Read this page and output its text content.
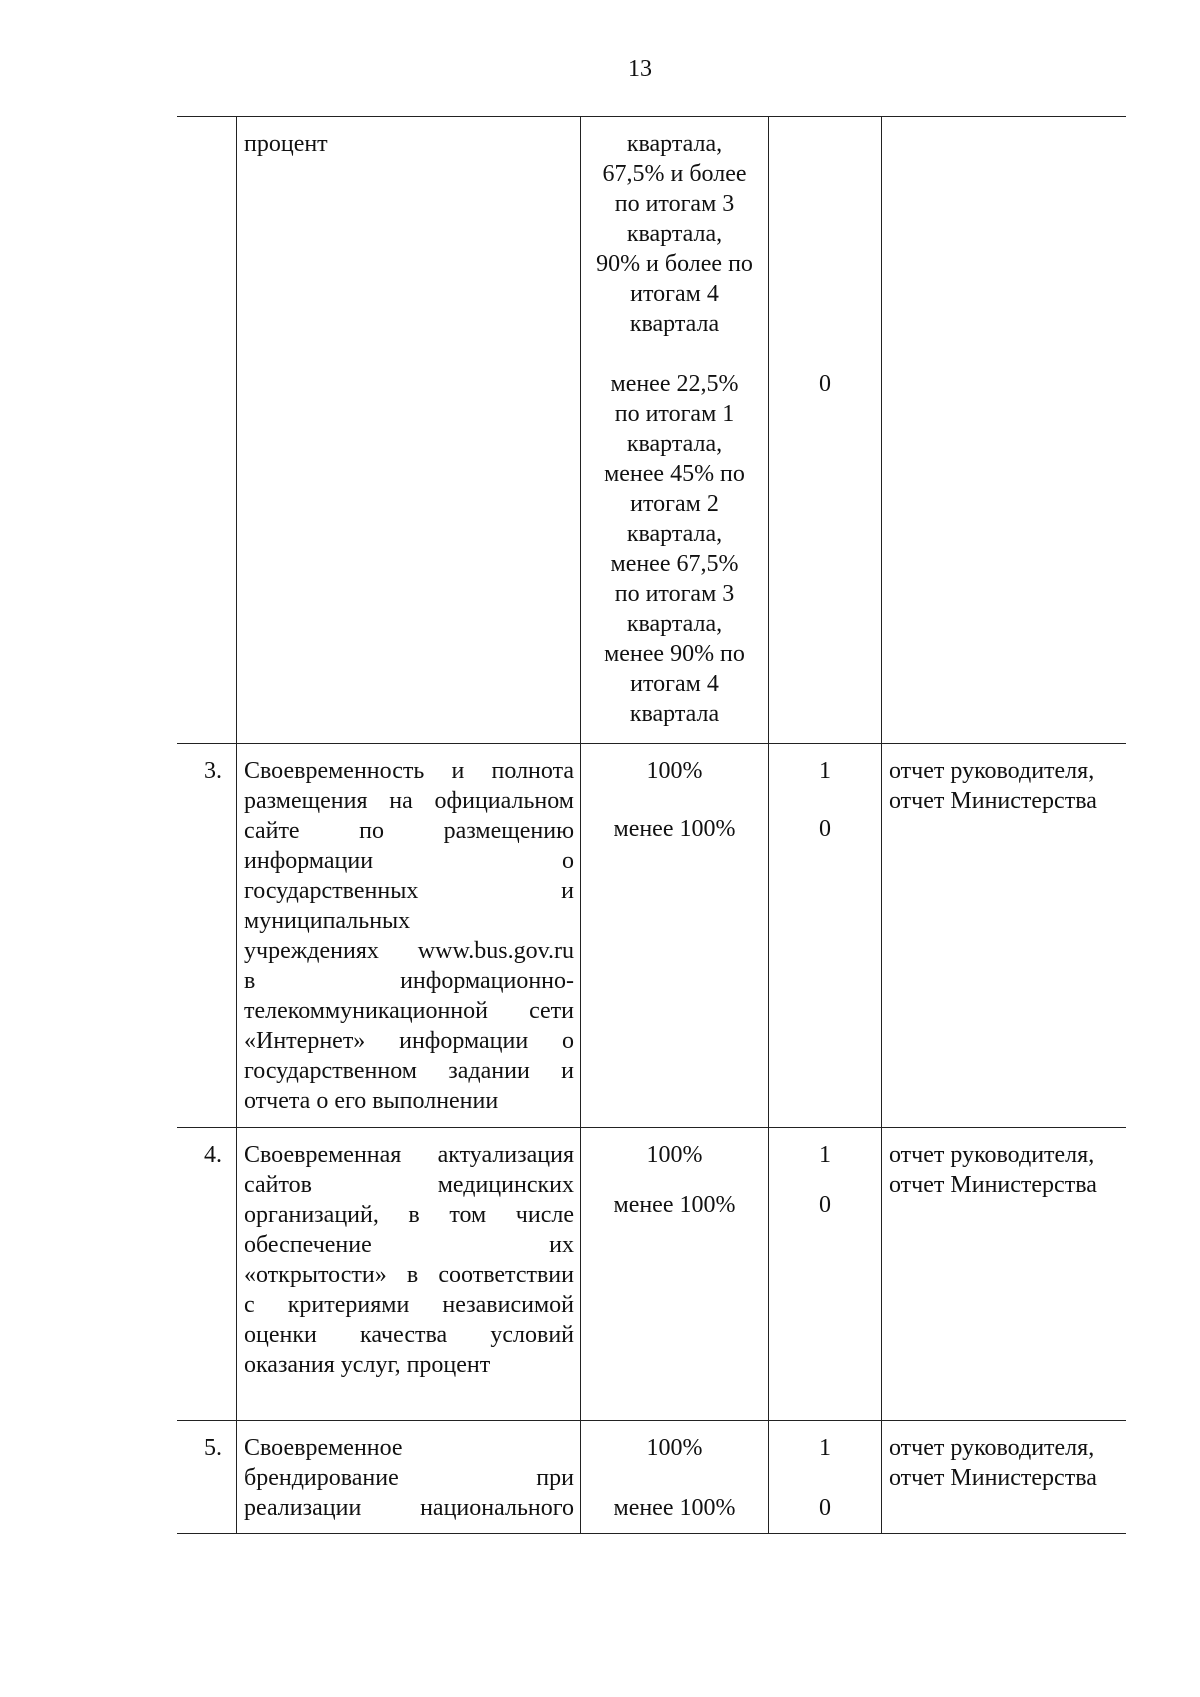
13
процент	квартала,
67,5% и более
по итогам 3
квартала,
90% и более по
итогам 4
квартала
менее 22,5%
по итогам 1
квартала,
менее 45% по
итогам 2
квартала,
менее 67,5%
по итогам 3
квартала,
менее 90% по
итогам 4
квартала
0
3. Своевременность и полнота
размещения на официальном
сайте по размещению
информации о
государственных и
муниципальных
учреждениях www.bus.gov.ru
в информационно-
телекоммуникационной сети
«Интернет» информации о
государственном задании и
отчета о его выполнении
100%
менее 100%
1
0
отчет руководителя,
отчет Министерства
4. Своевременная актуализация
сайтов медицинских
организаций, в том числе
обеспечение их
«открытости» в соответствии
с критериями независимой
оценки качества условий
оказания услуг, процент
100%
менее 100%
1
0
отчет руководителя,
отчет Министерства
5. Своевременное
брендирование при
реализации национального
100%
менее 100%
1
0
отчет руководителя,
отчет Министерства
